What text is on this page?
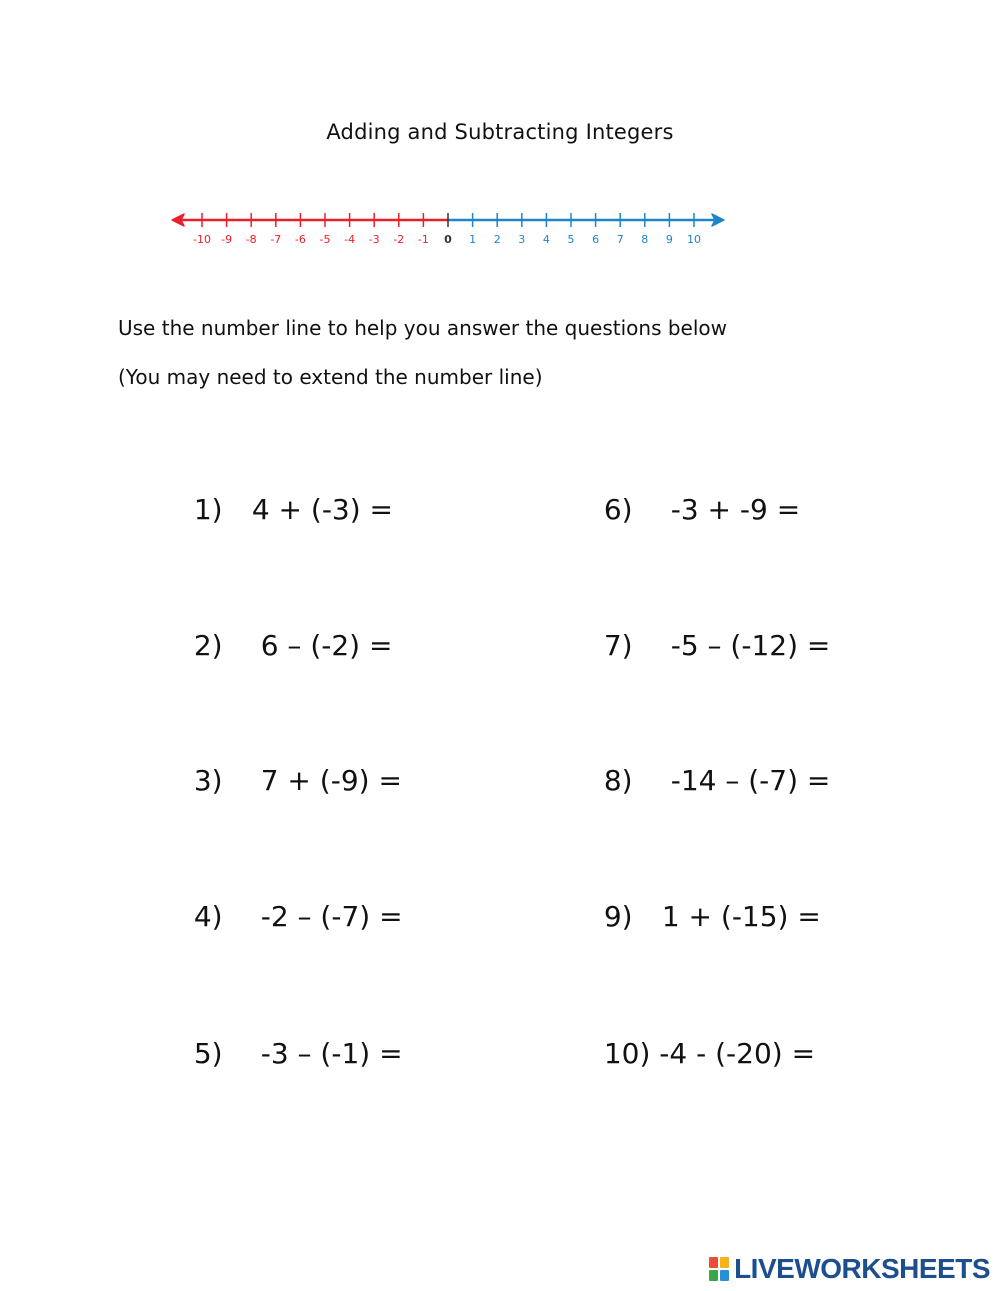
Adding and Subtracting Integers
-10 -9 -8 -7 -6 -5 -4 -3 -2 -1 0 1 2 3 4 5 6 7 8 9 10
Use the number line to help you answer the questions below
(You may need to extend the number line)

1) 4 + (-3) =

2) 6 – (-2) =

3) 7 + (-9) =

4) -2 – (-7) =

5) -3 – (-1) =

6) -3 + -9 =

7) -5 – (-12) =

8) -14 – (-7) =

9) 1 + (-15) =

10) -4 - (-20) =

LIVEWORKSHEETS
